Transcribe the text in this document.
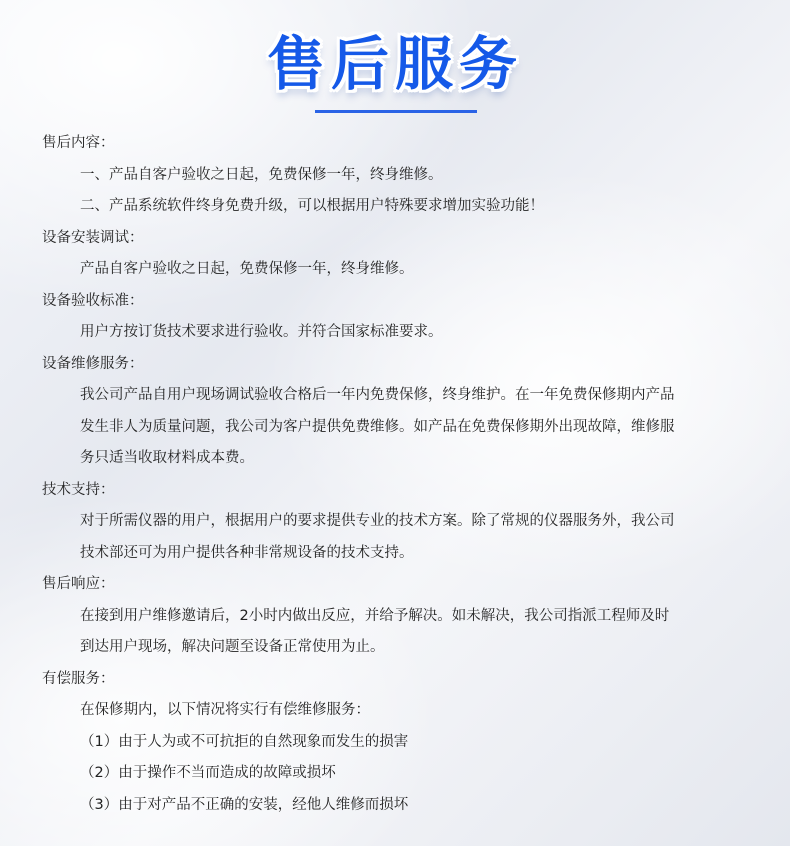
售后服务
售后内容：
一、产品自客户验收之日起，免费保修一年，终身维修。
二、产品系统软件终身免费升级，可以根据用户特殊要求增加实验功能！
设备安装调试：
产品自客户验收之日起，免费保修一年，终身维修。
设备验收标准：
用户方按订货技术要求进行验收。并符合国家标准要求。
设备维修服务：
我公司产品自用户现场调试验收合格后一年内免费保修，终身维护。在一年免费保修期内产品
发生非人为质量问题，我公司为客户提供免费维修。如产品在免费保修期外出现故障，维修服
务只适当收取材料成本费。
技术支持：
对于所需仪器的用户，根据用户的要求提供专业的技术方案。除了常规的仪器服务外，我公司
技术部还可为用户提供各种非常规设备的技术支持。
售后响应：
在接到用户维修邀请后，2小时内做出反应，并给予解决。如未解决，我公司指派工程师及时
到达用户现场，解决问题至设备正常使用为止。
有偿服务：
在保修期内，以下情况将实行有偿维修服务：
（1）由于人为或不可抗拒的自然现象而发生的损害
（2）由于操作不当而造成的故障或损坏
（3）由于对产品不正确的安装，经他人维修而损坏
